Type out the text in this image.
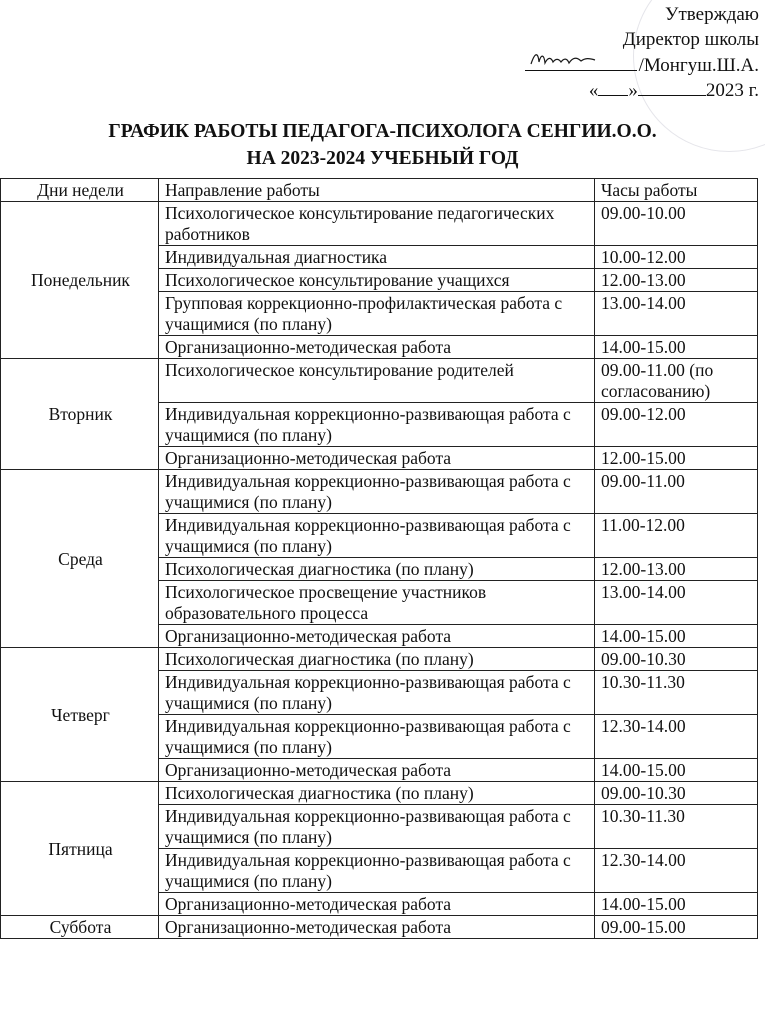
Утверждаю
Директор школы
/Монгуш.Ш.А.
« »	2023 г.
ГРАФИК РАБОТЫ ПЕДАГОГА-ПСИХОЛОГА СЕНГИИ.О.О.
НА 2023-2024 УЧЕБНЫЙ ГОД
Дни недели	Направление работы	Часы работы
Понедельник	Психологическое консультирование педагогических работников	09.00-10.00
	Индивидуальная диагностика	10.00-12.00
	Психологическое консультирование учащихся	12.00-13.00
	Групповая коррекционно-профилактическая работа с учащимися (по плану)	13.00-14.00
	Организационно-методическая работа	14.00-15.00
Вторник	Психологическое консультирование родителей	09.00-11.00 (по согласованию)
	Индивидуальная коррекционно-развивающая работа с учащимися (по плану)	09.00-12.00
	Организационно-методическая работа	12.00-15.00
Среда	Индивидуальная коррекционно-развивающая работа с учащимися (по плану)	09.00-11.00
	Индивидуальная коррекционно-развивающая работа с учащимися (по плану)	11.00-12.00
	Психологическая диагностика (по плану)	12.00-13.00
	Психологическое просвещение участников образовательного процесса	13.00-14.00
	Организационно-методическая работа	14.00-15.00
Четверг	Психологическая диагностика (по плану)	09.00-10.30
	Индивидуальная коррекционно-развивающая работа с учащимися (по плану)	10.30-11.30
	Индивидуальная коррекционно-развивающая работа с учащимися (по плану)	12.30-14.00
	Организационно-методическая работа	14.00-15.00
Пятница	Психологическая диагностика (по плану)	09.00-10.30
	Индивидуальная коррекционно-развивающая работа с учащимися (по плану)	10.30-11.30
	Индивидуальная коррекционно-развивающая работа с учащимися (по плану)	12.30-14.00
	Организационно-методическая работа	14.00-15.00
Суббота	Организационно-методическая работа	09.00-15.00
